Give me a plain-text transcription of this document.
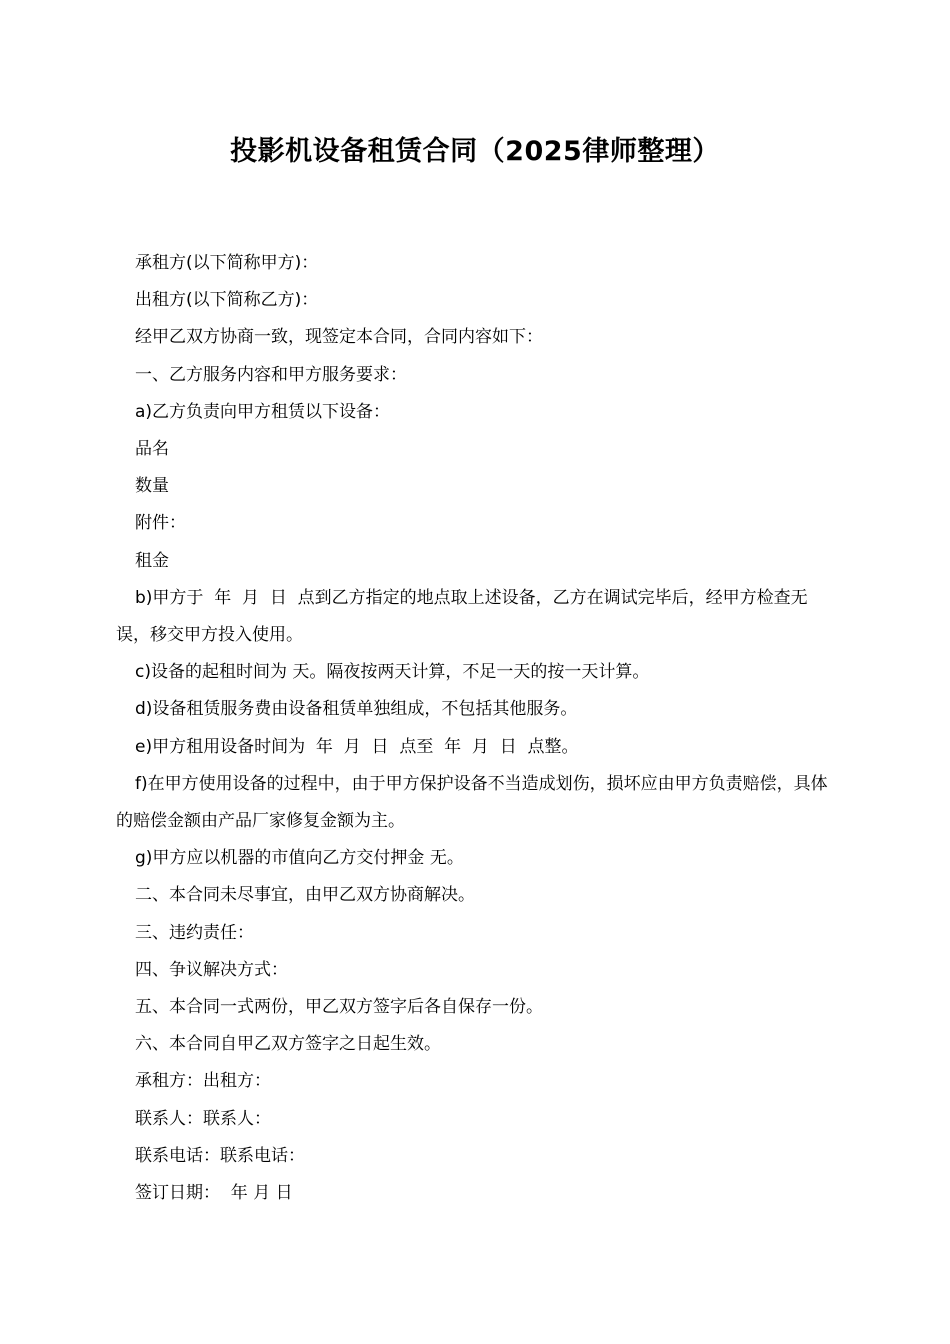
投影机设备租赁合同（2025律师整理）

承租方(以下简称甲方)：

出租方(以下简称乙方)：

经甲乙双方协商一致，现签定本合同，合同内容如下：

一、乙方服务内容和甲方服务要求：

a)乙方负责向甲方租赁以下设备：

品名

数量

附件：

租金

b)甲方于  年  月  日  点到乙方指定的地点取上述设备，乙方在调试完毕后，经甲方检查无误，移交甲方投入使用。

c)设备的起租时间为 天。隔夜按两天计算，不足一天的按一天计算。

d)设备租赁服务费由设备租赁单独组成，不包括其他服务。

e)甲方租用设备时间为  年  月  日  点至  年  月  日  点整。

f)在甲方使用设备的过程中，由于甲方保护设备不当造成划伤，损坏应由甲方负责赔偿，具体的赔偿金额由产品厂家修复金额为主。

g)甲方应以机器的市值向乙方交付押金 无。

二、本合同未尽事宜，由甲乙双方协商解决。

三、违约责任：

四、争议解决方式：

五、本合同一式两份，甲乙双方签字后各自保存一份。

六、本合同自甲乙双方签字之日起生效。

承租方：出租方：

联系人：联系人：

联系电话：联系电话：

签订日期：  年 月 日
